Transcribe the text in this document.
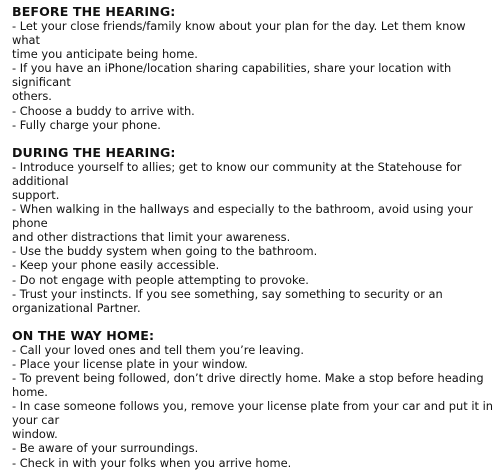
BEFORE THE HEARING:

- Let your close friends/family know about your plan for the day. Let them know what

time you anticipate being home.

- If you have an iPhone/location sharing capabilities, share your location with significant

others.

- Choose a buddy to arrive with.

- Fully charge your phone.

DURING THE HEARING:

- Introduce yourself to allies; get to know our community at the Statehouse for

additional

support.

- When walking in the hallways and especially to the bathroom, avoid using your phone

and other distractions that limit your awareness.

- Use the buddy system when going to the bathroom.

- Keep your phone easily accessible.

- Do not engage with people attempting to provoke.

- Trust your instincts. If you see something, say something to security or an

organizational Partner.

ON THE WAY HOME:

- Call your loved ones and tell them you’re leaving.

- Place your license plate in your window.

- To prevent being followed, don’t drive directly home. Make a stop before heading

home.

- In case someone follows you, remove your license plate from your car and put it in

your car

window.

- Be aware of your surroundings.

- Check in with your folks when you arrive home.
